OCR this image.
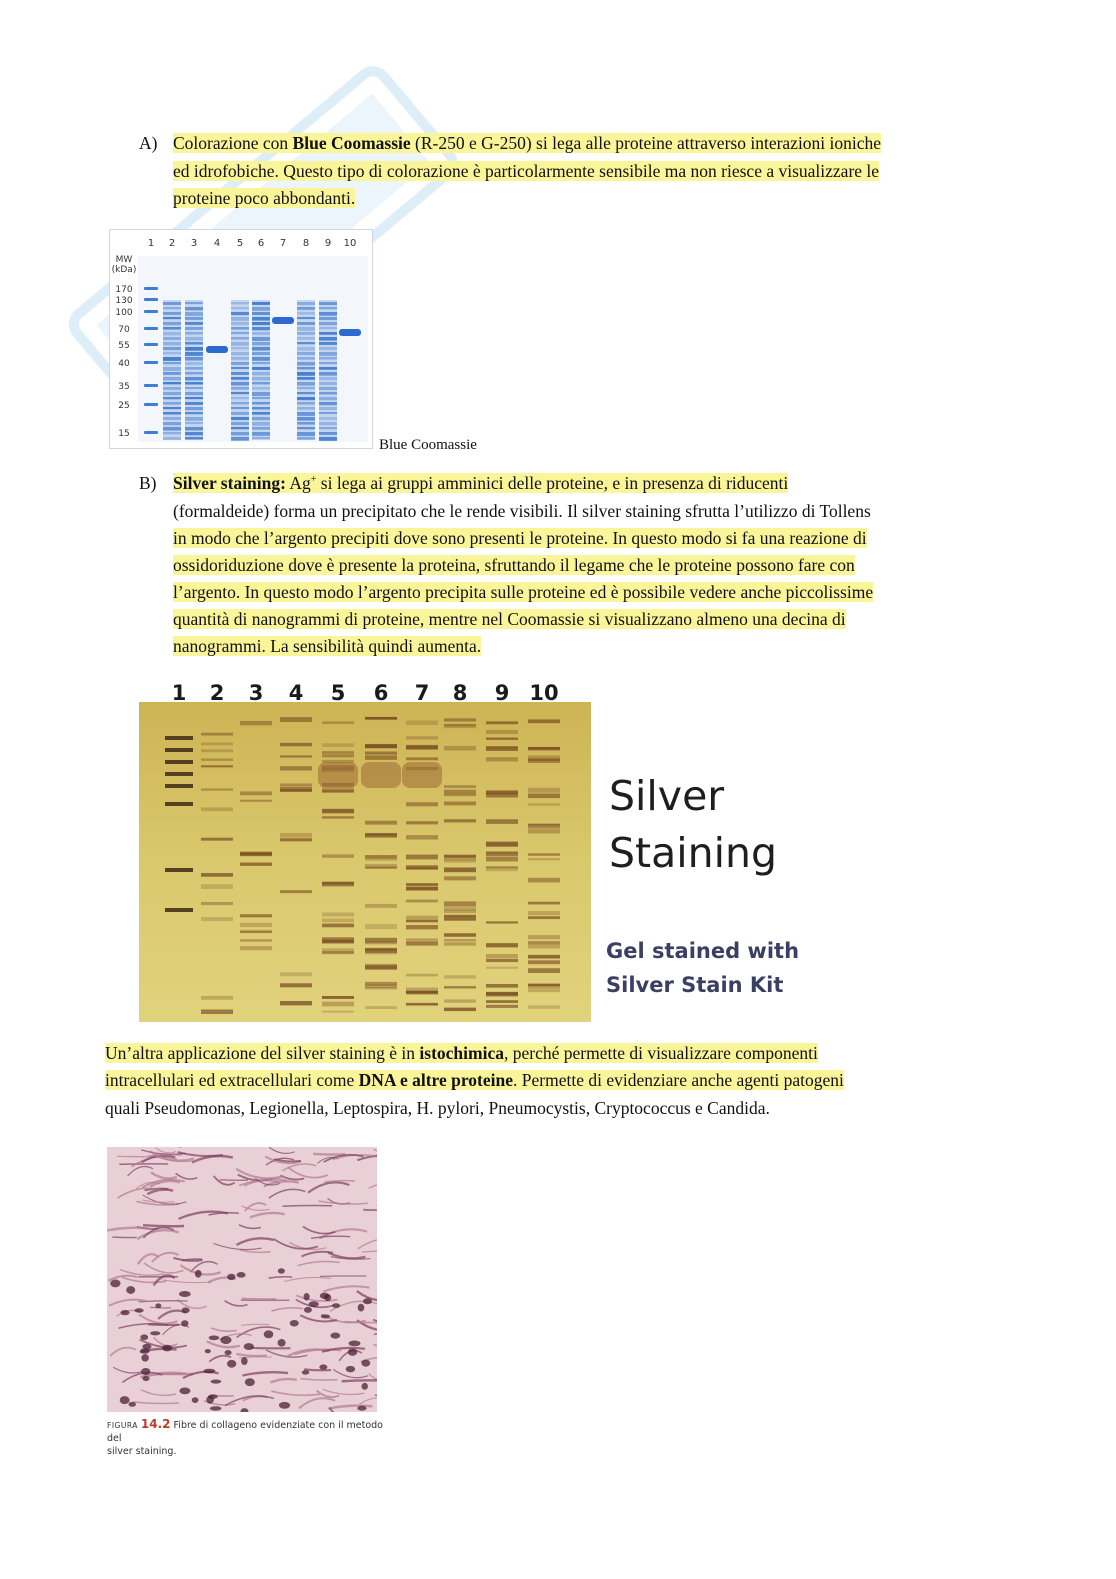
A) Colorazione con Blue Coomassie (R-250 e G-250) si lega alle proteine attraverso interazioni ioniche
ed idrofobiche. Questo tipo di colorazione è particolarmente sensibile ma non riesce a visualizzare le
proteine poco abbondanti.
1 2 3 4 5 6 7 8 9 10
MW
(kDa)
170
130
100
70
55
40
35
25
15
Blue Coomassie
B) Silver staining: Ag+ si lega ai gruppi amminici delle proteine, e in presenza di riducenti
(formaldeide) forma un precipitato che le rende visibili. Il silver staining sfrutta l’utilizzo di Tollens
in modo che l’argento precipiti dove sono presenti le proteine. In questo modo si fa una reazione di
ossidoriduzione dove è presente la proteina, sfruttando il legame che le proteine possono fare con
l’argento. In questo modo l’argento precipita sulle proteine ed è possibile vedere anche piccolissime
quantità di nanogrammi di proteine, mentre nel Coomassie si visualizzano almeno una decina di
nanogrammi. La sensibilità quindi aumenta.
1 2 3 4 5 6 7 8 9 10
Silver
Staining
Gel stained with
Silver Stain Kit
Un’altra applicazione del silver staining è in istochimica, perché permette di visualizzare componenti
intracellulari ed extracellulari come DNA e altre proteine. Permette di evidenziare anche agenti patogeni
quali Pseudomonas, Legionella, Leptospira, H. pylori, Pneumocystis, Cryptococcus e Candida.
FIGURA 14.2 Fibre di collageno evidenziate con il metodo del
silver staining.
